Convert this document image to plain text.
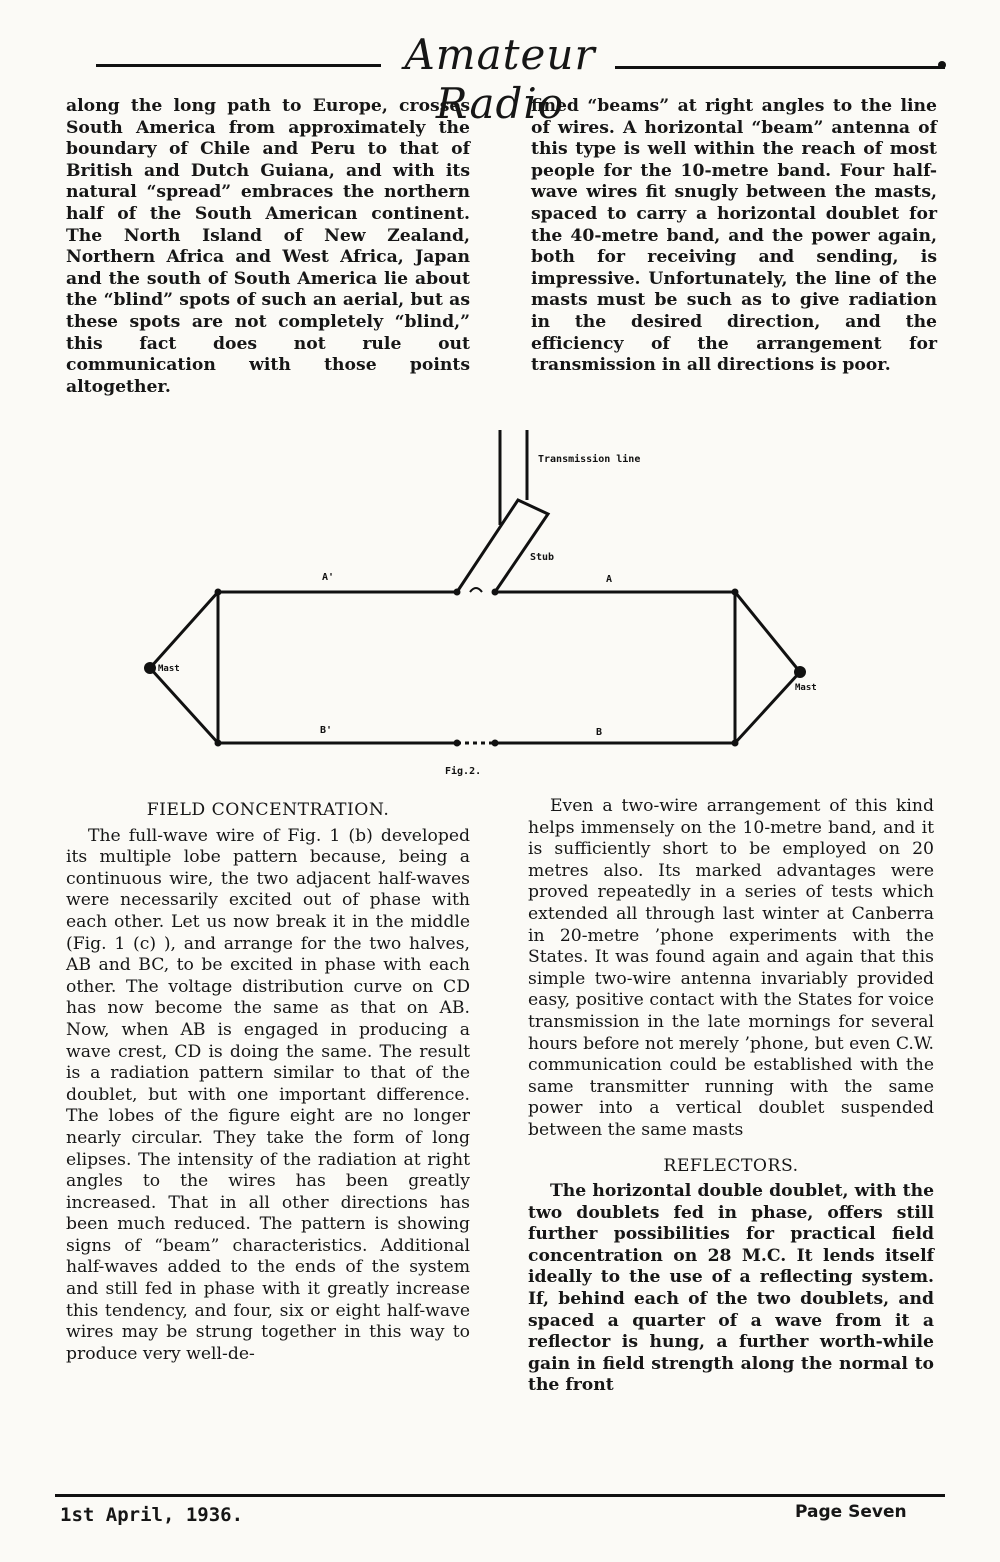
Amateur Radio

along the long path to Europe, crosses South America from approximately the boundary of Chile and Peru to that of British and Dutch Guiana, and with its natural “spread” embraces the northern half of the South American continent. The North Island of New Zealand, Northern Africa and West Africa, Japan and the south of South America lie about the “blind” spots of such an aerial, but as these spots are not completely “blind,” this fact does not rule out communication with those points altogether.

fined “beams” at right angles to the line of wires. A horizontal “beam” antenna of this type is well within the reach of most people for the 10-metre band. Four half-wave wires fit snugly between the masts, spaced to carry a horizontal doublet for the 40-metre band, and the power again, both for receiving and sending, is impressive. Unfortunately, the line of the masts must be such as to give radiation in the desired direction, and the efficiency of the arrangement for transmission in all directions is poor.

Transmission line
Stub
A'	A
B'	B
Mast
Mast
Fig.2.
FIELD CONCENTRATION.

The full-wave wire of Fig. 1 (b) developed its multiple lobe pattern because, being a continuous wire, the two adjacent half-waves were necessarily excited out of phase with each other. Let us now break it in the middle (Fig. 1 (c) ), and arrange for the two halves, AB and BC, to be excited in phase with each other. The voltage distribution curve on CD has now become the same as that on AB. Now, when AB is engaged in producing a wave crest, CD is doing the same. The result is a radiation pattern similar to that of the doublet, but with one important difference. The lobes of the figure eight are no longer nearly circular. They take the form of long elipses. The intensity of the radiation at right angles to the wires has been greatly increased. That in all other directions has been much reduced. The pattern is showing signs of “beam” characteristics. Additional half-waves added to the ends of the system and still fed in phase with it greatly increase this tendency, and four, six or eight half-wave wires may be strung together in this way to produce very well-de-

Even a two-wire arrangement of this kind helps immensely on the 10-metre band, and it is sufficiently short to be employed on 20 metres also. Its marked advantages were proved repeatedly in a series of tests which extended all through last winter at Canberra in 20-metre ’phone experiments with the States. It was found again and again that this simple two-wire antenna invariably provided easy, positive contact with the States for voice transmission in the late mornings for several hours before not merely ’phone, but even C.W. communication could be established with the same transmitter running with the same power into a vertical doublet suspended between the same masts

REFLECTORS.

The horizontal double doublet, with the two doublets fed in phase, offers still further possibilities for practical field concentration on 28 M.C. It lends itself ideally to the use of a reflecting system. If, behind each of the two doublets, and spaced a quarter of a wave from it a reflector is hung, a further worth-while gain in field strength along the normal to the front

1st April, 1936.	Page Seven
